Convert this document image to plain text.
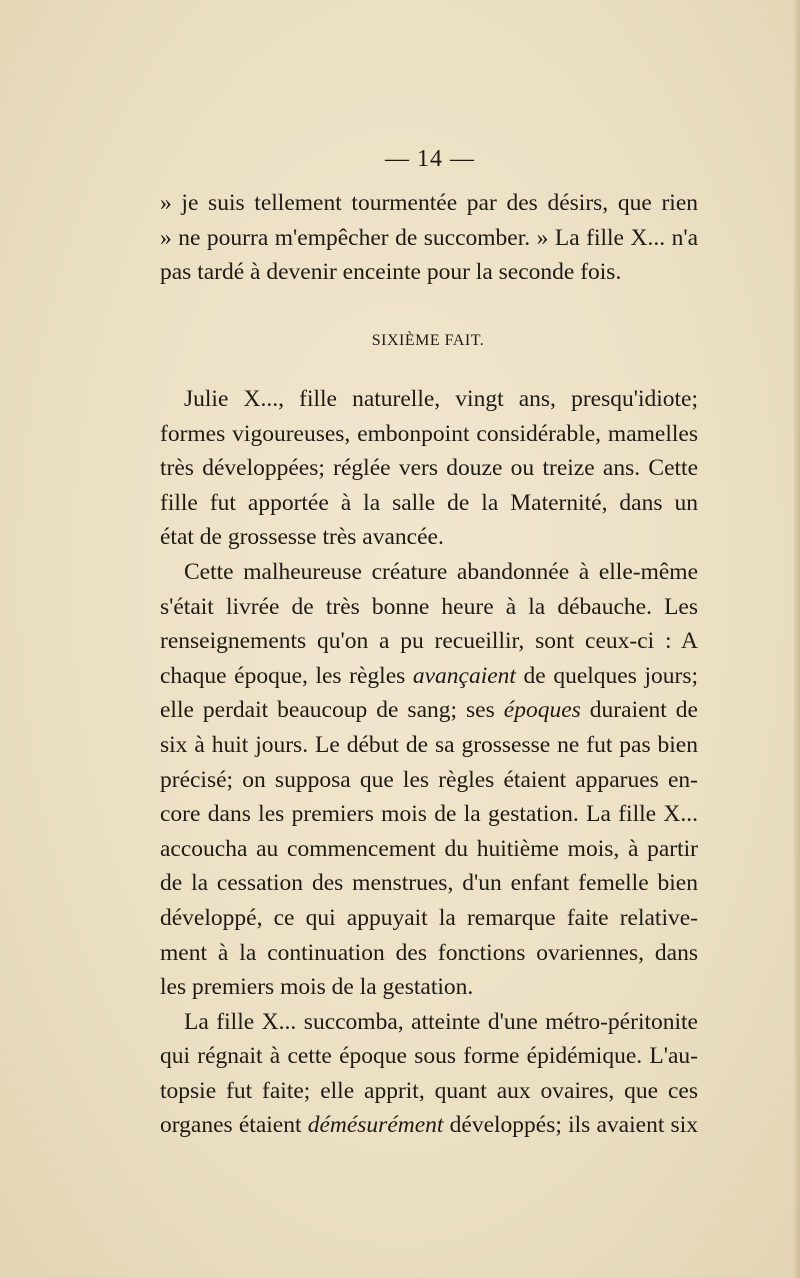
— 14 —
» je suis tellement tourmentée par des désirs, que rien
» ne pourra m'empêcher de succomber. » La fille X... n'a
pas tardé à devenir enceinte pour la seconde fois.
SIXIÈME FAIT.
Julie X..., fille naturelle, vingt ans, presqu'idiote;
formes vigoureuses, embonpoint considérable, mamelles
très développées; réglée vers douze ou treize ans. Cette
fille fut apportée à la salle de la Maternité, dans un
état de grossesse très avancée.
Cette malheureuse créature abandonnée à elle-même
s'était livrée de très bonne heure à la débauche. Les
renseignements qu'on a pu recueillir, sont ceux-ci : A
chaque époque, les règles avançaient de quelques jours;
elle perdait beaucoup de sang; ses époques duraient de
six à huit jours. Le début de sa grossesse ne fut pas bien
précisé; on supposa que les règles étaient apparues en-
core dans les premiers mois de la gestation. La fille X...
accoucha au commencement du huitième mois, à partir
de la cessation des menstrues, d'un enfant femelle bien
développé, ce qui appuyait la remarque faite relative-
ment à la continuation des fonctions ovariennes, dans
les premiers mois de la gestation.
La fille X... succomba, atteinte d'une métro-péritonite
qui régnait à cette époque sous forme épidémique. L'au-
topsie fut faite; elle apprit, quant aux ovaires, que ces
organes étaient démésurément développés; ils avaient six
